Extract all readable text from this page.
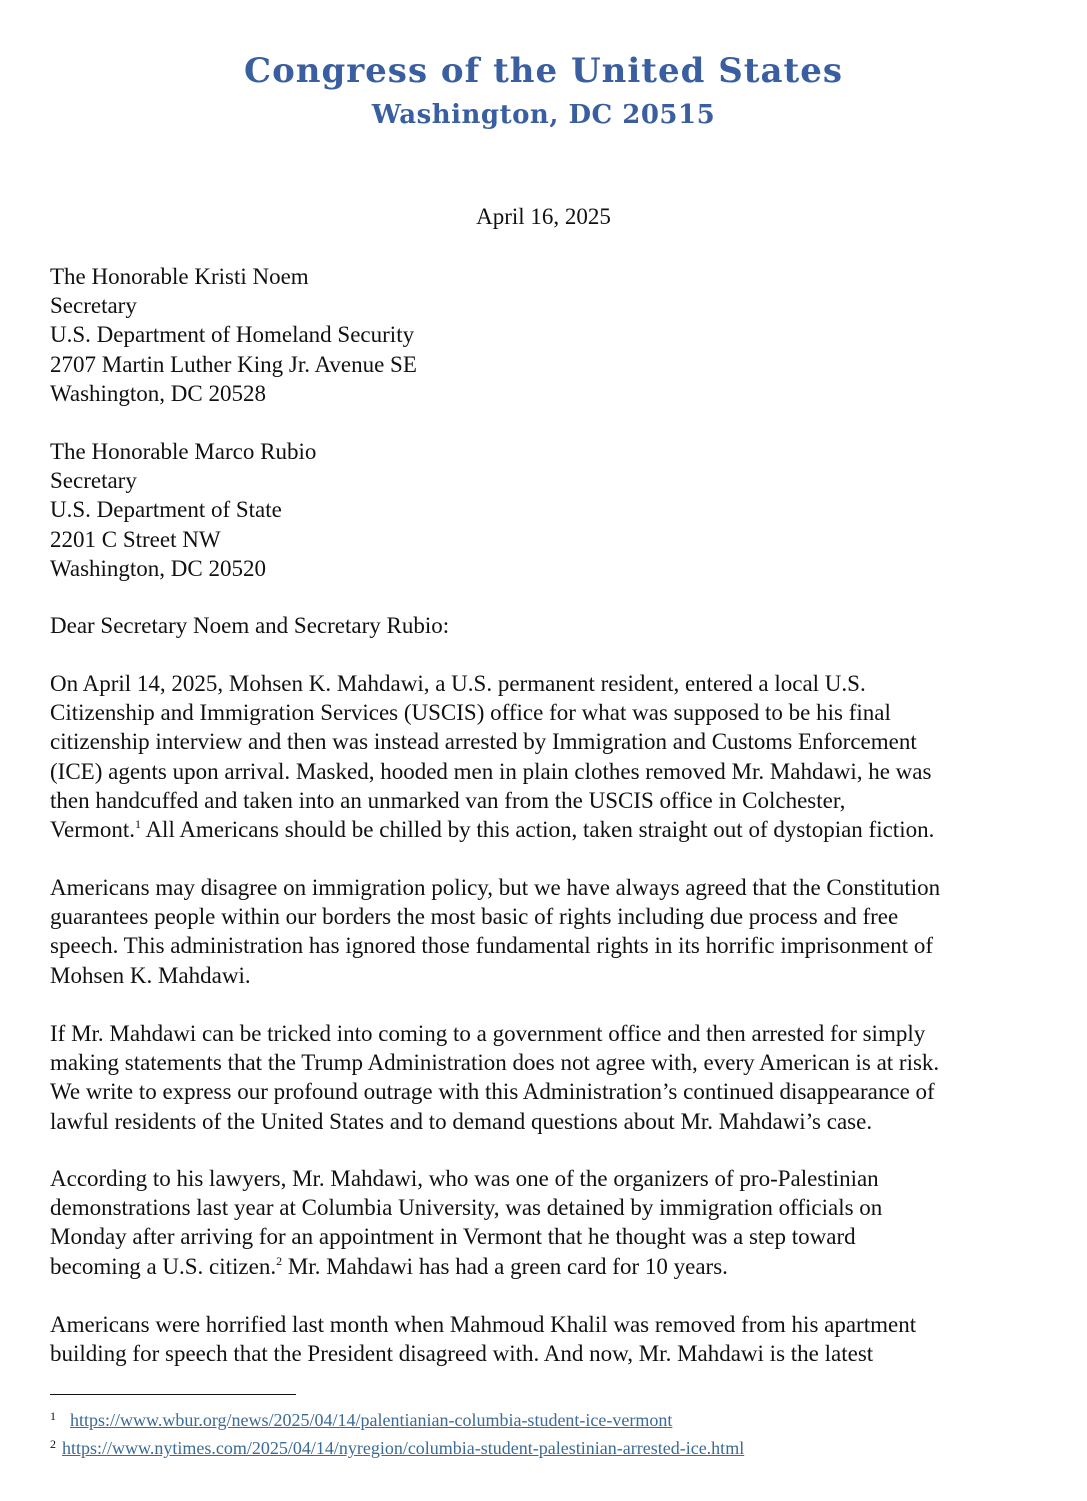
Congress of the United States
Washington, DC 20515
April 16, 2025
The Honorable Kristi Noem
Secretary
U.S. Department of Homeland Security
2707 Martin Luther King Jr. Avenue SE
Washington, DC 20528
The Honorable Marco Rubio
Secretary
U.S. Department of State
2201 C Street NW
Washington, DC 20520
Dear Secretary Noem and Secretary Rubio:
On April 14, 2025, Mohsen K. Mahdawi, a U.S. permanent resident, entered a local U.S.
Citizenship and Immigration Services (USCIS) office for what was supposed to be his final
citizenship interview and then was instead arrested by Immigration and Customs Enforcement
(ICE) agents upon arrival. Masked, hooded men in plain clothes removed Mr. Mahdawi, he was
then handcuffed and taken into an unmarked van from the USCIS office in Colchester,
Vermont.$^1$ All Americans should be chilled by this action, taken straight out of dystopian fiction.
Americans may disagree on immigration policy, but we have always agreed that the Constitution
guarantees people within our borders the most basic of rights including due process and free
speech. This administration has ignored those fundamental rights in its horrific imprisonment of
Mohsen K. Mahdawi.
If Mr. Mahdawi can be tricked into coming to a government office and then arrested for simply
making statements that the Trump Administration does not agree with, every American is at risk.
We write to express our profound outrage with this Administration’s continued disappearance of
lawful residents of the United States and to demand questions about Mr. Mahdawi’s case.
According to his lawyers, Mr. Mahdawi, who was one of the organizers of pro-Palestinian
demonstrations last year at Columbia University, was detained by immigration officials on
Monday after arriving for an appointment in Vermont that he thought was a step toward
becoming a U.S. citizen.$^2$ Mr. Mahdawi has had a green card for 10 years.
Americans were horrified last month when Mahmoud Khalil was removed from his apartment
building for speech that the President disagreed with. And now, Mr. Mahdawi is the latest
1 https://www.wbur.org/news/2025/04/14/palentianian-columbia-student-ice-vermont
2 https://www.nytimes.com/2025/04/14/nyregion/columbia-student-palestinian-arrested-ice.html
